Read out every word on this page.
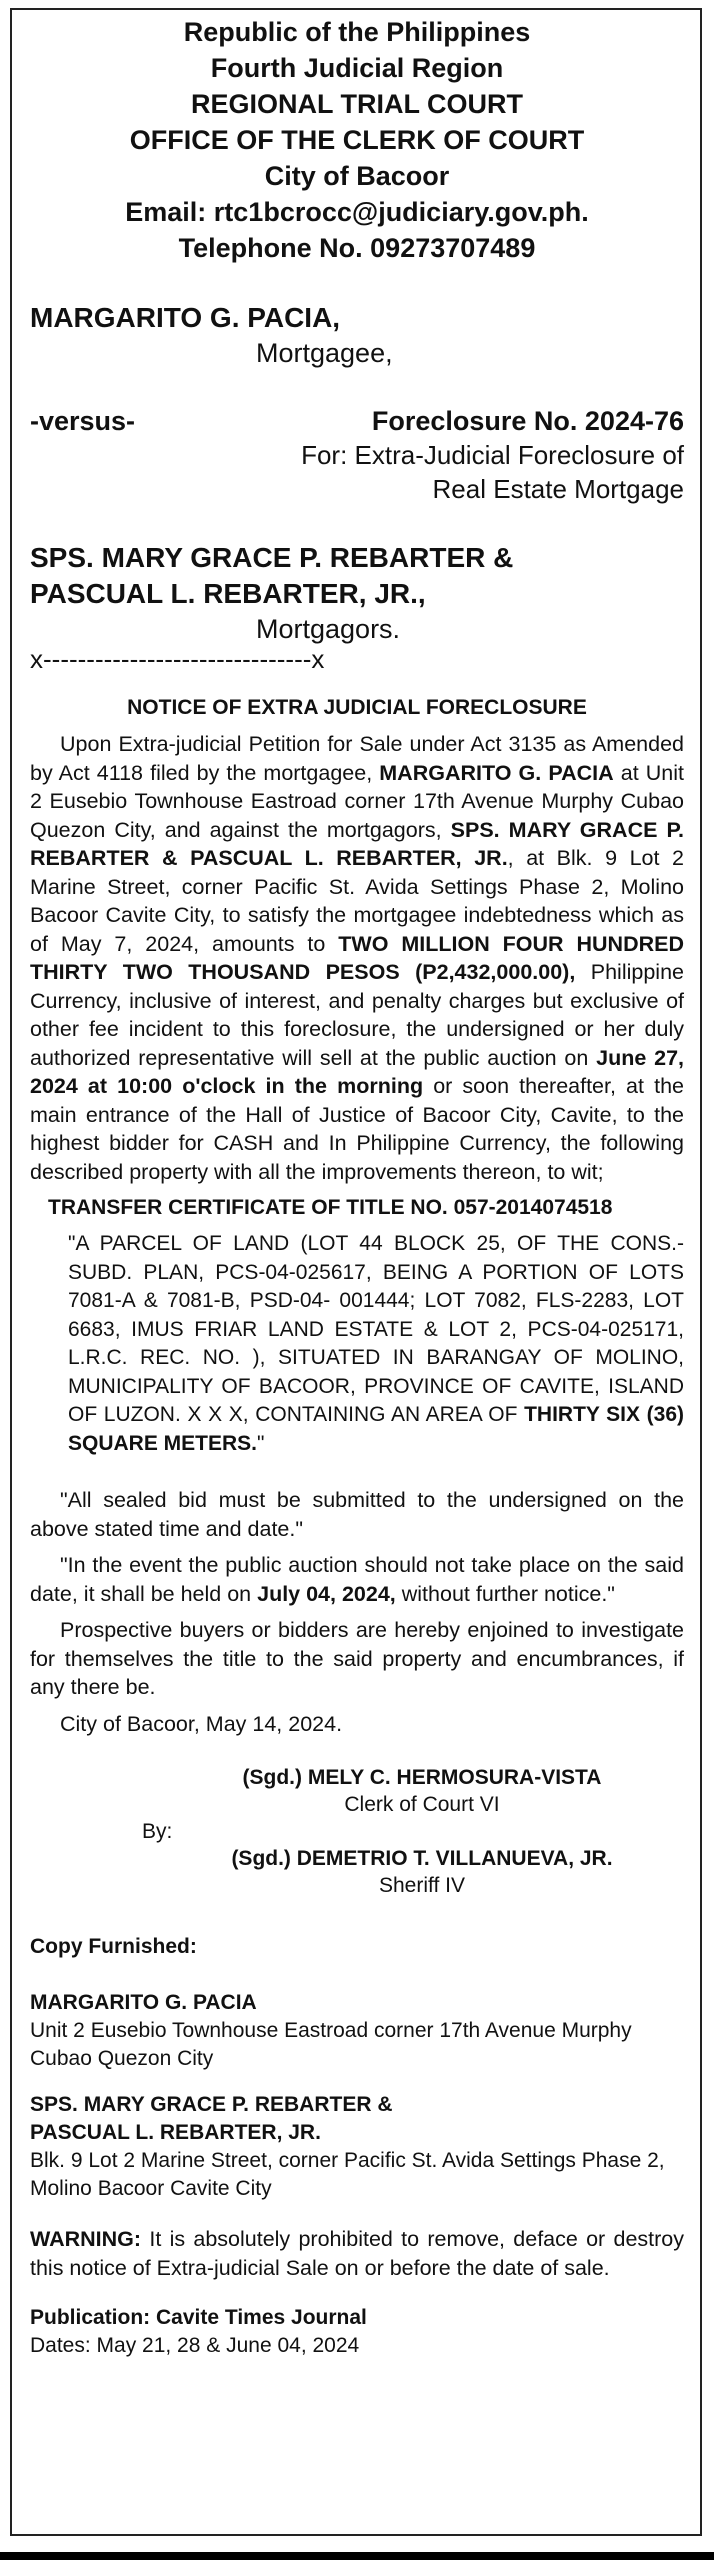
Republic of the Philippines
Fourth Judicial Region
REGIONAL TRIAL COURT
OFFICE OF THE CLERK OF COURT
City of Bacoor
Email: rtc1bcrocc@judiciary.gov.ph.
Telephone No. 09273707489
MARGARITO G. PACIA,
Mortgagee,
-versus-	Foreclosure No. 2024-76
For: Extra-Judicial Foreclosure of
Real Estate Mortgage
SPS. MARY GRACE P. REBARTER &
PASCUAL L. REBARTER, JR.,
Mortgagors.
x-------------------------------x
NOTICE OF EXTRA JUDICIAL FORECLOSURE
Upon Extra-judicial Petition for Sale under Act 3135 as Amended by Act 4118 filed by the mortgagee, MARGARITO G. PACIA at Unit 2 Eusebio Townhouse Eastroad corner 17th Avenue Murphy Cubao Quezon City, and against the mortgagors, SPS. MARY GRACE P. REBARTER & PASCUAL L. REBARTER, JR., at Blk. 9 Lot 2 Marine Street, corner Pacific St. Avida Settings Phase 2, Molino Bacoor Cavite City, to satisfy the mortgagee indebtedness which as of May 7, 2024, amounts to TWO MILLION FOUR HUNDRED THIRTY TWO THOUSAND PESOS (P2,432,000.00), Philippine Currency, inclusive of interest, and penalty charges but exclusive of other fee incident to this foreclosure, the undersigned or her duly authorized representative will sell at the public auction on June 27, 2024 at 10:00 o'clock in the morning or soon thereafter, at the main entrance of the Hall of Justice of Bacoor City, Cavite, to the highest bidder for CASH and In Philippine Currency, the following described property with all the improvements thereon, to wit;
TRANSFER CERTIFICATE OF TITLE NO. 057-2014074518
"A PARCEL OF LAND (LOT 44 BLOCK 25, OF THE CONS.-SUBD. PLAN, PCS-04-025617, BEING A PORTION OF LOTS 7081-A & 7081-B, PSD-04- 001444; LOT 7082, FLS-2283, LOT 6683, IMUS FRIAR LAND ESTATE & LOT 2, PCS-04-025171, L.R.C. REC. NO. ), SITUATED IN BARANGAY OF MOLINO, MUNICIPALITY OF BACOOR, PROVINCE OF CAVITE, ISLAND OF LUZON. X X X, CONTAINING AN AREA OF THIRTY SIX (36) SQUARE METERS."
"All sealed bid must be submitted to the undersigned on the above stated time and date."
"In the event the public auction should not take place on the said date, it shall be held on July 04, 2024, without further notice."
Prospective buyers or bidders are hereby enjoined to investigate for themselves the title to the said property and encumbrances, if any there be.
City of Bacoor, May 14, 2024.
(Sgd.) MELY C. HERMOSURA-VISTA
Clerk of Court VI
By:
(Sgd.) DEMETRIO T. VILLANUEVA, JR.
Sheriff IV
Copy Furnished:
MARGARITO G. PACIA
Unit 2 Eusebio Townhouse Eastroad corner 17th Avenue Murphy Cubao Quezon City
SPS. MARY GRACE P. REBARTER &
PASCUAL L. REBARTER, JR.
Blk. 9 Lot 2 Marine Street, corner Pacific St. Avida Settings Phase 2, Molino Bacoor Cavite City
WARNING: It is absolutely prohibited to remove, deface or destroy this notice of Extra-judicial Sale on or before the date of sale.
Publication: Cavite Times Journal
Dates: May 21, 28 & June 04, 2024
